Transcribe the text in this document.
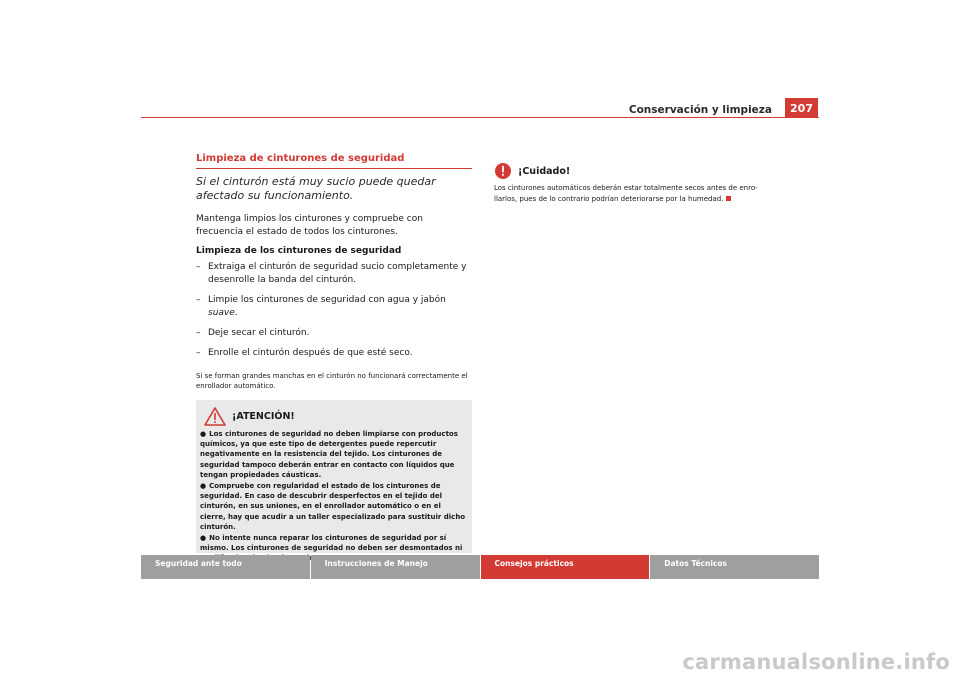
Conservación y limpieza	207
Limpieza de cinturones de seguridad
Si el cinturón está muy sucio puede quedar afectado su funcionamiento.
Mantenga limpios los cinturones y compruebe con frecuencia el estado de todos los cinturones.
Limpieza de los cinturones de seguridad
– Extraiga el cinturón de seguridad sucio completamente y desenrolle la banda del cinturón.
– Limpie los cinturones de seguridad con agua y jabón suave.
– Deje secar el cinturón.
– Enrolle el cinturón después de que esté seco.
Si se forman grandes manchas en el cinturón no funcionará correctamente el enrollador automático.
¡ATENCIÓN!
● Los cinturones de seguridad no deben limpiarse con productos químicos, ya que este tipo de detergentes puede repercutir negativamente en la resistencia del tejido. Los cinturones de seguridad tampoco deberán entrar en contacto con líquidos que tengan propiedades cáusticas.
● Compruebe con regularidad el estado de los cinturones de seguridad. En caso de descubrir desperfectos en el tejido del cinturón, en sus uniones, en el enrollador automático o en el cierre, hay que acudir a un taller especializado para sustituir dicho cinturón.
● No intente nunca reparar los cinturones de seguridad por sí mismo. Los cinturones de seguridad no deben ser desmontados ni
¡Cuidado!
Los cinturones automáticos deberán estar totalmente secos antes de enrollarlos, pues de lo contrario podrían deteriorarse por la humedad.
Seguridad ante todo	Instrucciones de Manejo	Consejos prácticos	Datos Técnicos
carmanualsonline.info
